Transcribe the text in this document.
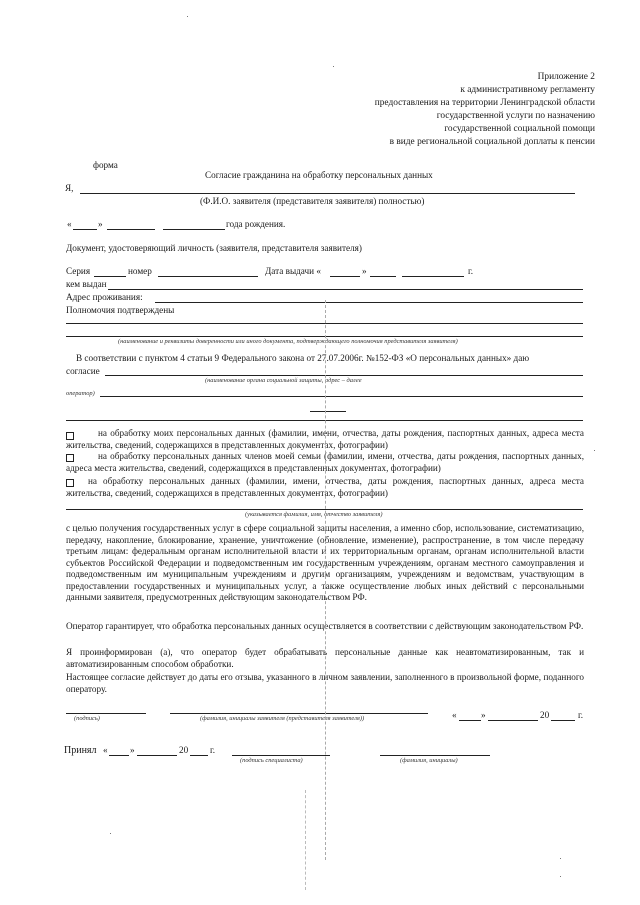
Приложение 2
к административному регламенту
предоставления на территории Ленинградской области
государственной услуги по назначению
государственной социальной помощи
в виде региональной социальной доплаты к пенсии
форма
Согласие гражданина на обработку персональных данных
Я,
(Ф.И.О. заявителя (представителя заявителя) полностью)
«	»	года рождения.
Документ, удостоверяющий личность (заявителя, представителя заявителя)
Серия	номер	Дата выдачи «	»	г.
кем выдан
Адрес проживания:
Полномочия подтверждены
(наименование и реквизиты доверенности или иного документа, подтверждающего полномочия представителя заявителя)
В соответствии с пунктом 4 статьи 9 Федерального закона от 27.07.2006г. №152-ФЗ «О персональных данных» даю
согласие
(наименование органа социальной защиты, адрес – далее
оператор)
на обработку моих персональных данных (фамилии, имени, отчества, даты рождения, паспортных данных, адреса места жительства, сведений, содержащихся в представленных документах, фотографии)
на обработку персональных данных членов моей семьи (фамилии, имени, отчества, даты рождения, паспортных данных, адреса места жительства, сведений, содержащихся в представленных документах, фотографии)
на обработку персональных данных (фамилии, имени, отчества, даты рождения, паспортных данных, адреса места жительства, сведений, содержащихся в представленных документах, фотографии)
(указывается фамилия, имя, отчество заявителя)
с целью получения государственных услуг в сфере социальной защиты населения, а именно сбор, использование, систематизацию, передачу, накопление, блокирование, хранение, уничтожение (обновление, изменение), распространение, в том числе передачу третьим лицам: федеральным органам исполнительной власти и их территориальным органам, органам исполнительной власти субъектов Российской Федерации и подведомственным им государственным учреждениям, органам местного самоуправления и подведомственным им муниципальным учреждениям и другим организациям, учреждениям и ведомствам, участвующим в предоставлении государственных и муниципальных услуг, а также осуществление любых иных действий с персональными данными заявителя, предусмотренных действующим законодательством РФ.
Оператор гарантирует, что обработка персональных данных осуществляется в соответствии с действующим законодательством РФ.
Я проинформирован (а), что оператор будет обрабатывать персональные данные как неавтоматизированным, так и автоматизированным способом обработки.
Настоящее согласие действует до даты его отзыва, указанного в личном заявлении, заполненного в произвольной форме, поданного оператору.
(подпись)	(фамилия, инициалы заявителя (представителя заявителя))	«	»	20	г.
Принял « »	20 г.
(подпись специалиста)	(фамилия, инициалы)
